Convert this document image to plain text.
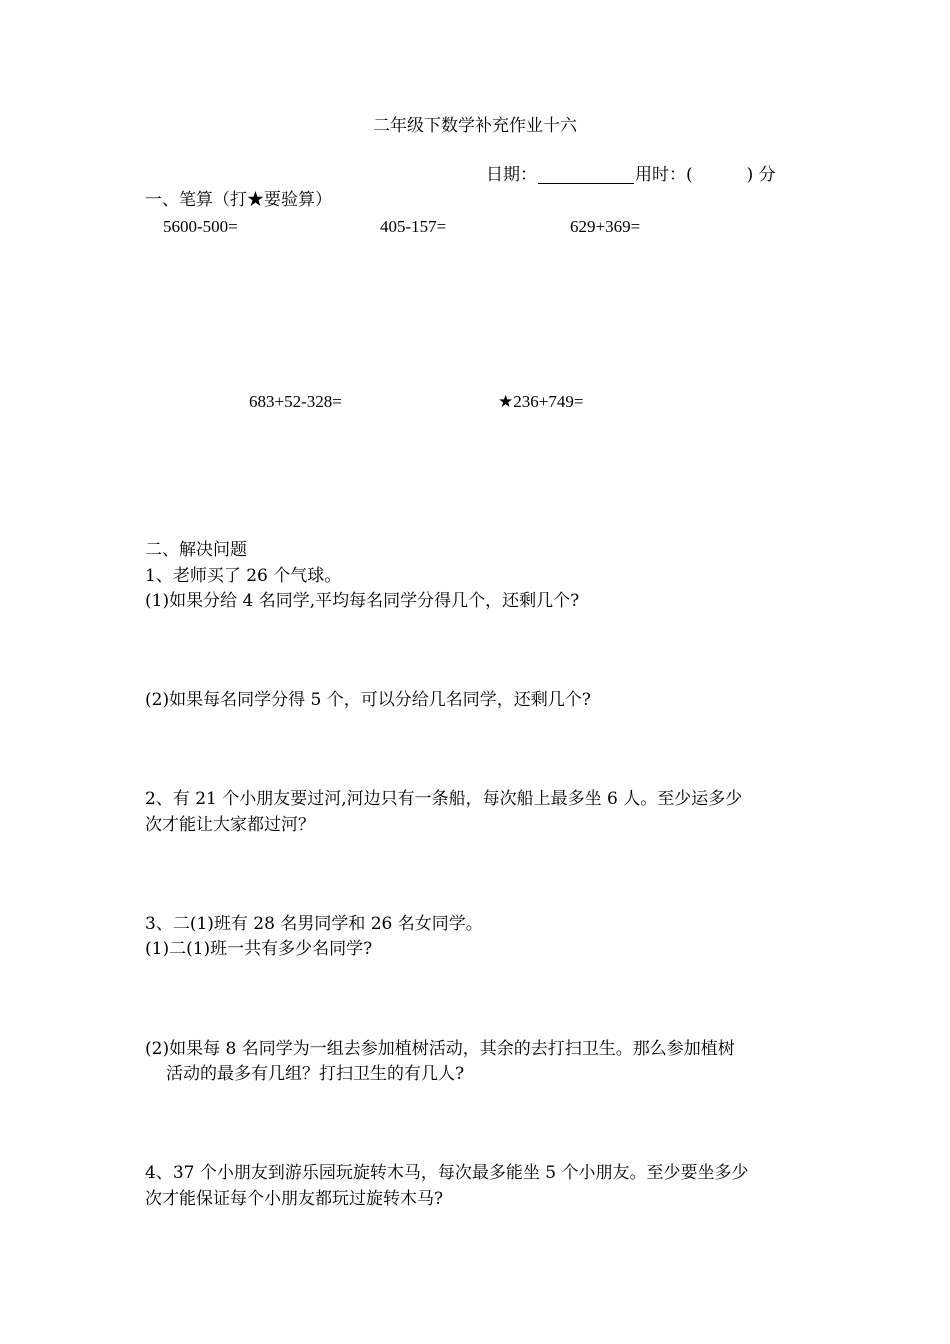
二年级下数学补充作业十六
日期：	用时：(	) 分
一、笔算（打★要验算）
5600-500=	405-157=	629+369=
683+52-328=	★236+749=
二、解决问题
1、老师买了 26 个气球。
(1)如果分给 4 名同学,平均每名同学分得几个，还剩几个?
(2)如果每名同学分得 5 个，可以分给几名同学，还剩几个?
2、有 21 个小朋友要过河,河边只有一条船，每次船上最多坐 6 人。至少运多少
次才能让大家都过河？
3、二(1)班有 28 名男同学和 26 名女同学。
(1)二(1)班一共有多少名同学?
(2)如果每 8 名同学为一组去参加植树活动，其余的去打扫卫生。那么参加植树
活动的最多有几组？打扫卫生的有几人?
4、37 个小朋友到游乐园玩旋转木马，每次最多能坐 5 个小朋友。至少要坐多少
次才能保证每个小朋友都玩过旋转木马?
